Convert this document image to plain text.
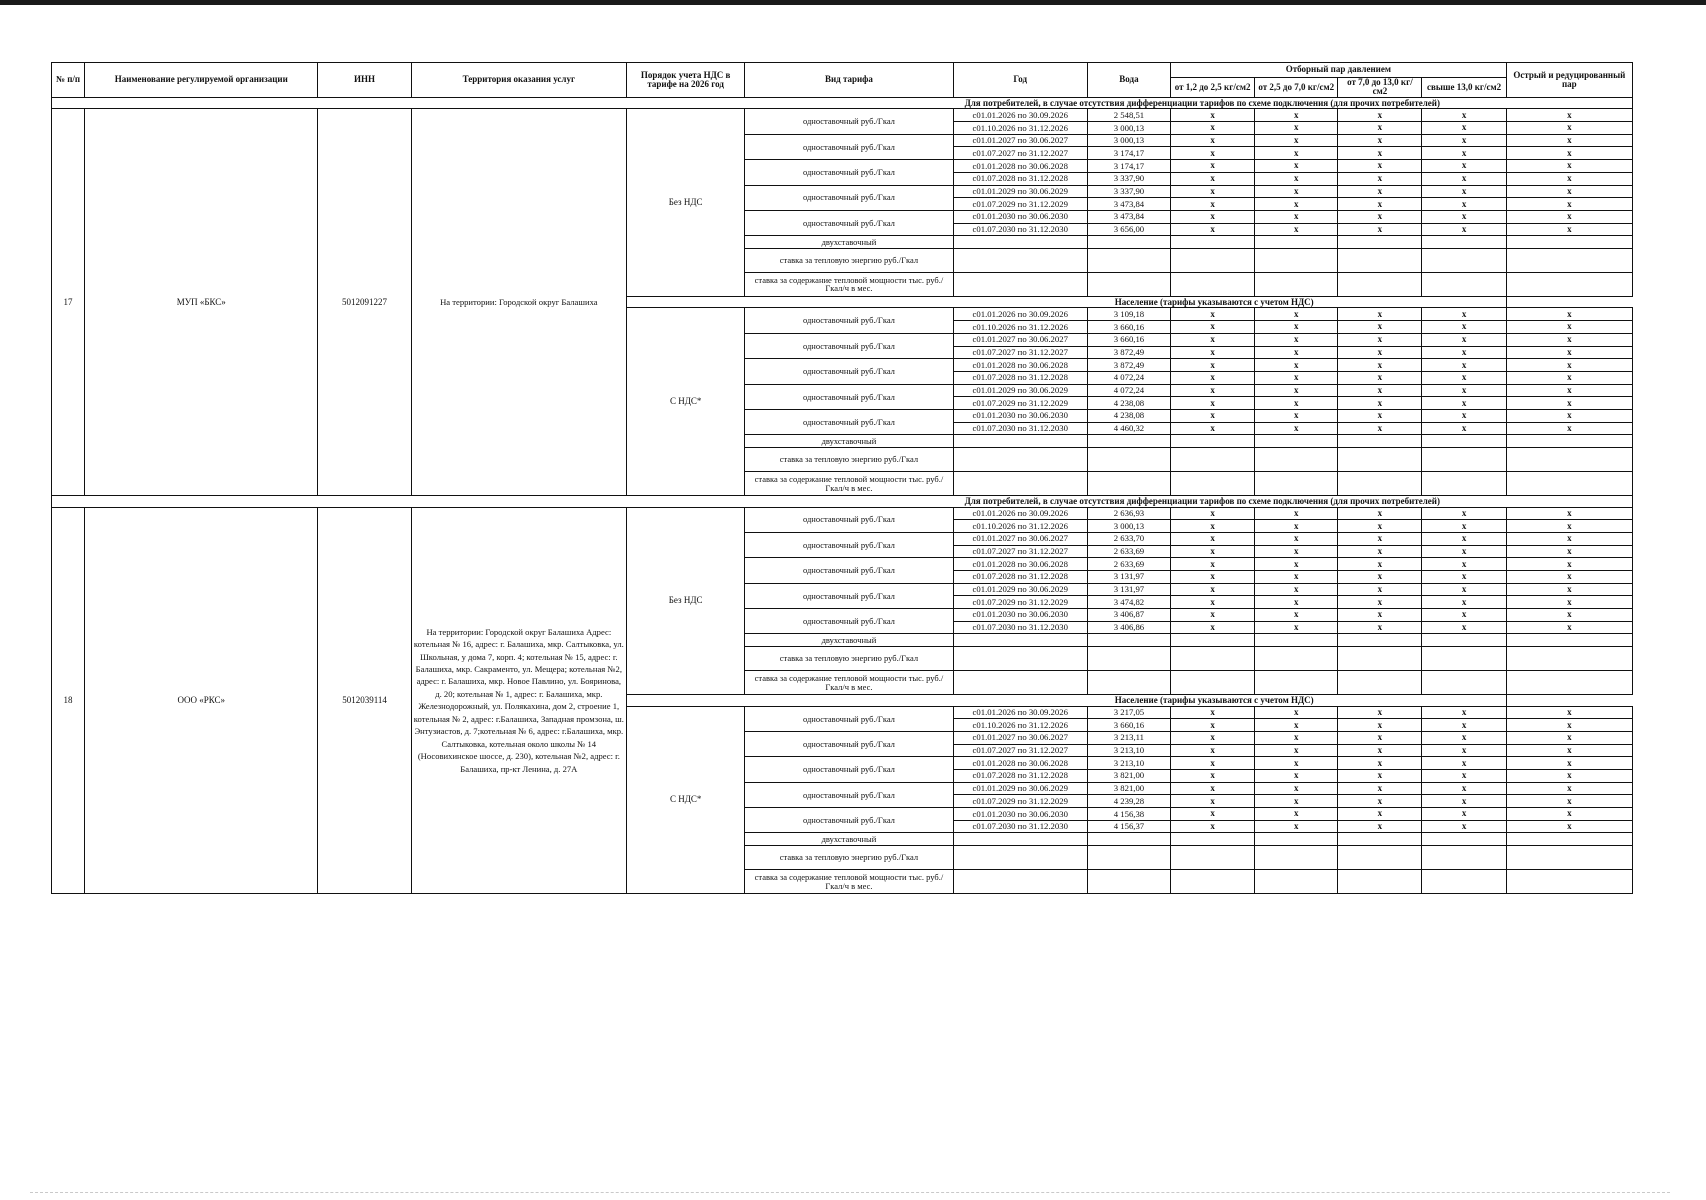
№ п/п	Наименование регулируемой организации	ИНН	Территория оказания услуг	Порядок учета НДС в тарифе на 2026 год	Вид тарифа	Год	Вода	Отборный пар давлением				Острый и редуцированный пар
								от 1,2 до 2,5 кг/см2	от 2,5 до 7,0 кг/см2	от 7,0 до 13,0 кг/см2	свыше 13,0 кг/см2	
Для потребителей, в случае отсутствия дифференциации тарифов по схеме подключения (для прочих потребителей)												
17	МУП «БКС»	5012091227	На территории: Городской округ Балашиха	Без НДС	одноставочный руб./Гкал	с01.01.2026 по 30.09.2026	2 548,51	x	x	x	x	x
						с01.10.2026 по 31.12.2026	3 000,13	x	x	x	x	x
					одноставочный руб./Гкал	с01.01.2027 по 30.06.2027	3 000,13	x	x	x	x	x
						с01.07.2027 по 31.12.2027	3 174,17	x	x	x	x	x
					одноставочный руб./Гкал	с01.01.2028 по 30.06.2028	3 174,17	x	x	x	x	x
						с01.07.2028 по 31.12.2028	3 337,90	x	x	x	x	x
					одноставочный руб./Гкал	с01.01.2029 по 30.06.2029	3 337,90	x	x	x	x	x
						с01.07.2029 по 31.12.2029	3 473,84	x	x	x	x	x
					одноставочный руб./Гкал	с01.01.2030 по 30.06.2030	3 473,84	x	x	x	x	x
						с01.07.2030 по 31.12.2030	3 656,00	x	x	x	x	x
					двухставочный							
					ставка за тепловую энергию руб./Гкал							
					ставка за содержание тепловой мощности тыс. руб./Гкал/ч в мес.							
				Население (тарифы указываются с учетом НДС)								
				С НДС*	одноставочный руб./Гкал	с01.01.2026 по 30.09.2026	3 109,18	x	x	x	x	x
						с01.10.2026 по 31.12.2026	3 660,16	x	x	x	x	x
					одноставочный руб./Гкал	с01.01.2027 по 30.06.2027	3 660,16	x	x	x	x	x
						с01.07.2027 по 31.12.2027	3 872,49	x	x	x	x	x
					одноставочный руб./Гкал	с01.01.2028 по 30.06.2028	3 872,49	x	x	x	x	x
						с01.07.2028 по 31.12.2028	4 072,24	x	x	x	x	x
					одноставочный руб./Гкал	с01.01.2029 по 30.06.2029	4 072,24	x	x	x	x	x
						с01.07.2029 по 31.12.2029	4 238,08	x	x	x	x	x
					одноставочный руб./Гкал	с01.01.2030 по 30.06.2030	4 238,08	x	x	x	x	x
						с01.07.2030 по 31.12.2030	4 460,32	x	x	x	x	x
					двухставочный							
					ставка за тепловую энергию руб./Гкал							
					ставка за содержание тепловой мощности тыс. руб./Гкал/ч в мес.							
Для потребителей, в случае отсутствия дифференциации тарифов по схеме подключения (для прочих потребителей)												
18	ООО «РКС»	5012039114	На территории: Городской округ Балашиха Адрес: котельная № 16, адрес: г. Балашиха, мкр. Салтыковка, ул. Школьная, у дома 7, корп. 4; котельная № 15, адрес: г. Балашиха, мкр. Сакраменто, ул. Мещера; котельная №2, адрес: г. Балашиха, мкр. Новое Павлино, ул. Бояринова, д. 20; котельная № 1, адрес: г. Балашиха, мкр. Железнодорожный, ул. Полякахина, дом 2, строение 1, котельная № 2, адрес: г.Балашиха, Западная промзона, ш. Энтузиастов, д. 7;котельная № 6, адрес: г.Балашиха, мкр. Салтыковка, котельная около школы № 14 (Носовихинское шоссе, д. 230), котельная №2, адрес: г. Балашиха, пр-кт Ленина, д. 27А	Без НДС	одноставочный руб./Гкал	с01.01.2026 по 30.09.2026	2 636,93	x	x	x	x	x
						с01.10.2026 по 31.12.2026	3 000,13	x	x	x	x	x
					одноставочный руб./Гкал	с01.01.2027 по 30.06.2027	2 633,70	x	x	x	x	x
						с01.07.2027 по 31.12.2027	2 633,69	x	x	x	x	x
					одноставочный руб./Гкал	с01.01.2028 по 30.06.2028	2 633,69	x	x	x	x	x
						с01.07.2028 по 31.12.2028	3 131,97	x	x	x	x	x
					одноставочный руб./Гкал	с01.01.2029 по 30.06.2029	3 131,97	x	x	x	x	x
						с01.07.2029 по 31.12.2029	3 474,82	x	x	x	x	x
					одноставочный руб./Гкал	с01.01.2030 по 30.06.2030	3 406,87	x	x	x	x	x
						с01.07.2030 по 31.12.2030	3 406,86	x	x	x	x	x
					двухставочный							
					ставка за тепловую энергию руб./Гкал							
					ставка за содержание тепловой мощности тыс. руб./Гкал/ч в мес.							
				Население (тарифы указываются с учетом НДС)								
				С НДС*	одноставочный руб./Гкал	с01.01.2026 по 30.09.2026	3 217,05	x	x	x	x	x
						с01.10.2026 по 31.12.2026	3 660,16	x	x	x	x	x
					одноставочный руб./Гкал	с01.01.2027 по 30.06.2027	3 213,11	x	x	x	x	x
						с01.07.2027 по 31.12.2027	3 213,10	x	x	x	x	x
					одноставочный руб./Гкал	с01.01.2028 по 30.06.2028	3 213,10	x	x	x	x	x
						с01.07.2028 по 31.12.2028	3 821,00	x	x	x	x	x
					одноставочный руб./Гкал	с01.01.2029 по 30.06.2029	3 821,00	x	x	x	x	x
						с01.07.2029 по 31.12.2029	4 239,28	x	x	x	x	x
					одноставочный руб./Гкал	с01.01.2030 по 30.06.2030	4 156,38	x	x	x	x	x
						с01.07.2030 по 31.12.2030	4 156,37	x	x	x	x	x
					двухставочный							
					ставка за тепловую энергию руб./Гкал							
					ставка за содержание тепловой мощности тыс. руб./Гкал/ч в мес.							
